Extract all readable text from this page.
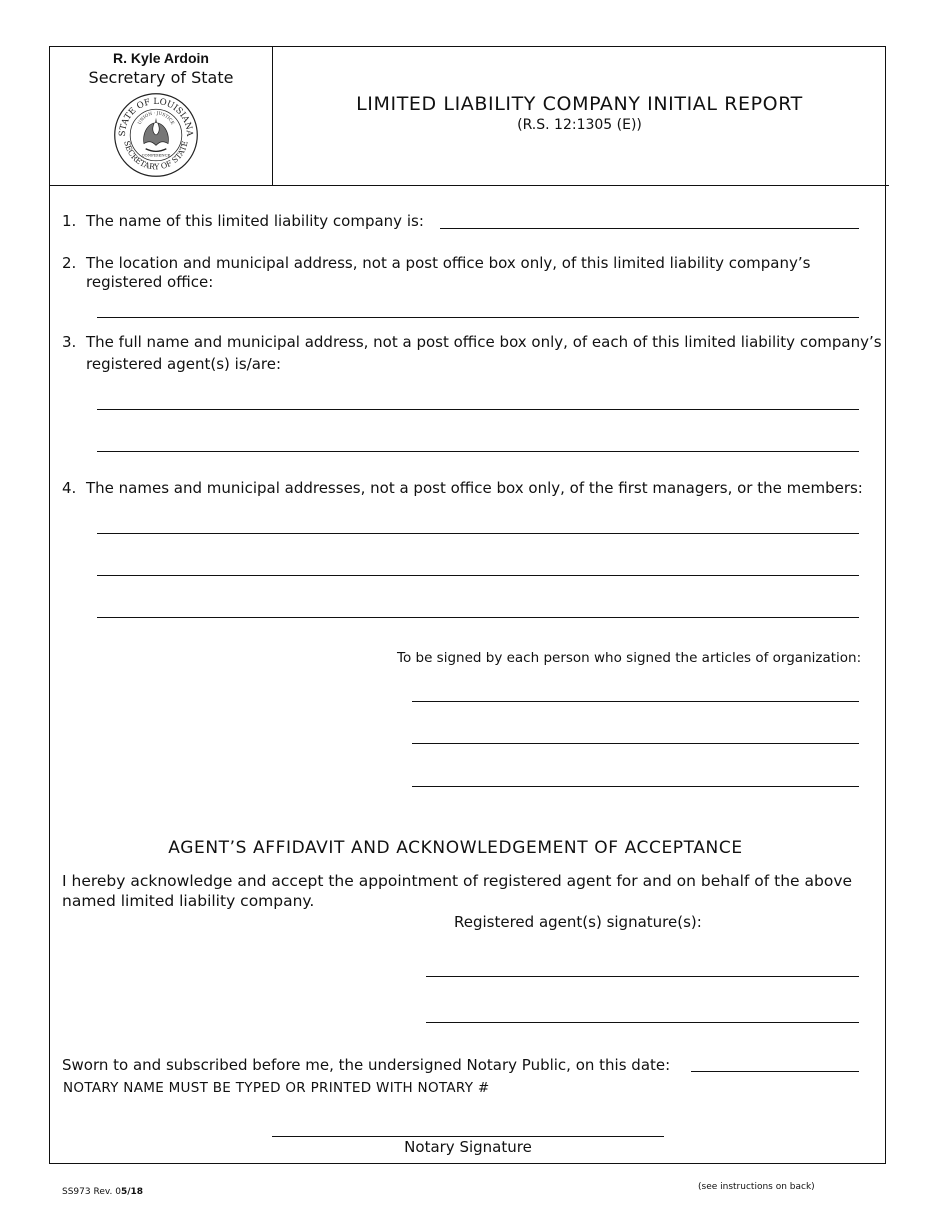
R. Kyle Ardoin
Secretary of State
STATE OF LOUISIANA
SECRETARY OF STATE
UNION · JUSTICE
CONFIDENCE
LIMITED LIABILITY COMPANY INITIAL REPORT
(R.S. 12:1305 (E))
1. The name of this limited liability company is:
2. The location and municipal address, not a post office box only, of this limited liability company’s
registered office:
3. The full name and municipal address, not a post office box only, of each of this limited liability company’s
registered agent(s) is/are:
4. The names and municipal addresses, not a post office box only, of the first managers, or the members:
To be signed by each person who signed the articles of organization:
AGENT’S AFFIDAVIT AND ACKNOWLEDGEMENT OF ACCEPTANCE
I hereby acknowledge and accept the appointment of registered agent for and on behalf of the above
named limited liability company.
Registered agent(s) signature(s):
Sworn to and subscribed before me, the undersigned Notary Public, on this date:
NOTARY NAME MUST BE TYPED OR PRINTED WITH NOTARY #
Notary Signature
SS973 Rev. 05/18	(see instructions on back)
